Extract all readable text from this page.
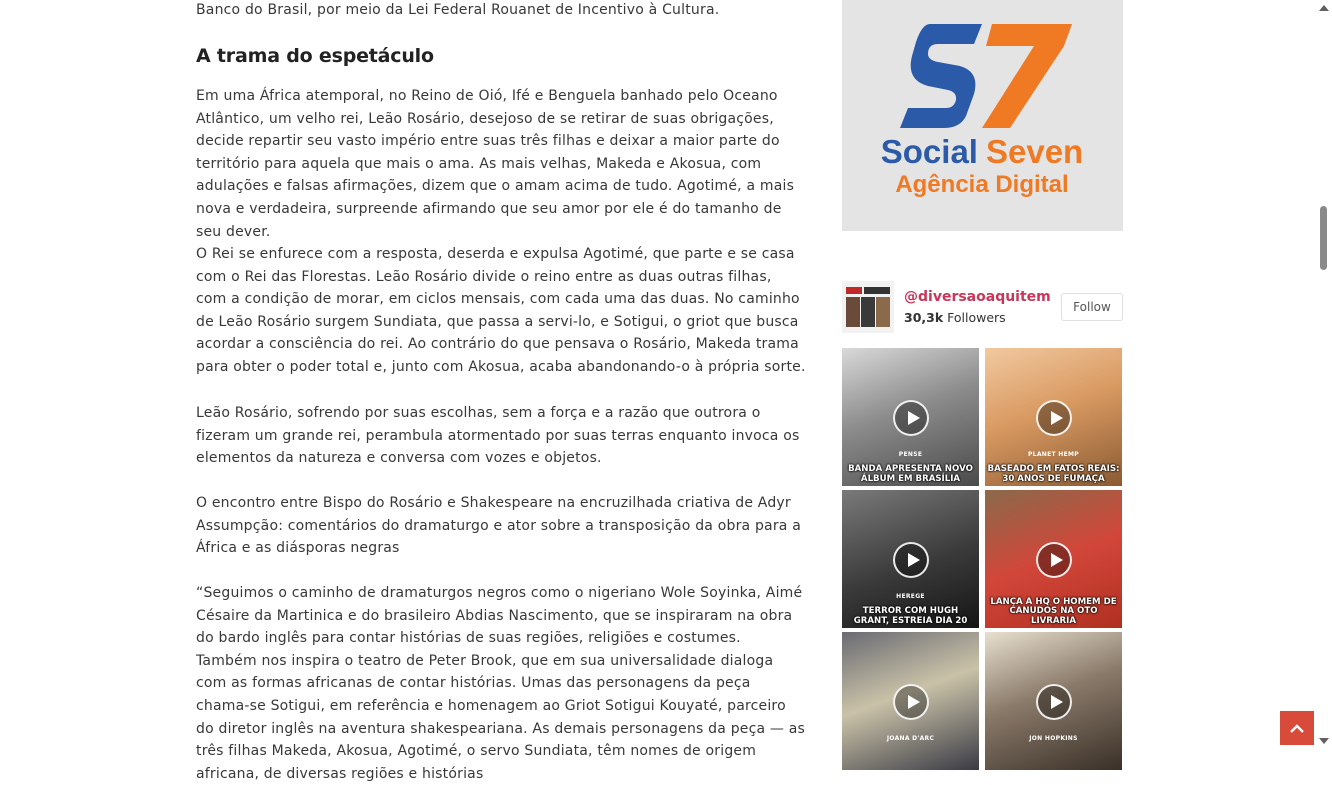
Banco do Brasil, por meio da Lei Federal Rouanet de Incentivo à Cultura.

A trama do espetáculo

Em uma África atemporal, no Reino de Oió, Ifé e Benguela banhado pelo Oceano Atlântico, um velho rei, Leão Rosário, desejoso de se retirar de suas obrigações, decide repartir seu vasto império entre suas três filhas e deixar a maior parte do território para aquela que mais o ama. As mais velhas, Makeda e Akosua, com adulações e falsas afirmações, dizem que o amam acima de tudo. Agotimé, a mais nova e verdadeira, surpreende afirmando que seu amor por ele é do tamanho de seu dever.

O Rei se enfurece com a resposta, deserda e expulsa Agotimé, que parte e se casa com o Rei das Florestas. Leão Rosário divide o reino entre as duas outras filhas, com a condição de morar, em ciclos mensais, com cada uma das duas. No caminho de Leão Rosário surgem Sundiata, que passa a servi-lo, e Sotigui, o griot que busca acordar a consciência do rei. Ao contrário do que pensava o Rosário, Makeda trama para obter o poder total e, junto com Akosua, acaba abandonando-o à própria sorte.

Leão Rosário, sofrendo por suas escolhas, sem a força e a razão que outrora o fizeram um grande rei, perambula atormentado por suas terras enquanto invoca os elementos da natureza e conversa com vozes e objetos.

O encontro entre Bispo do Rosário e Shakespeare na encruzilhada criativa de Adyr Assumpção: comentários do dramaturgo e ator sobre a transposição da obra para a África e as diásporas negras

“Seguimos o caminho de dramaturgos negros como o nigeriano Wole Soyinka, Aimé Césaire da Martinica e do brasileiro Abdias Nascimento, que se inspiraram na obra do bardo inglês para contar histórias de suas regiões, religiões e costumes. Também nos inspira o teatro de Peter Brook, que em sua universalidade dialoga com as formas africanas de contar histórias. Umas das personagens da peça chama-se Sotigui, em referência e homenagem ao Griot Sotigui Kouyaté, parceiro do diretor inglês na aventura shakespeariana. As demais personagens da peça — as três filhas Makeda, Akosua, Agotimé, o servo Sundiata, têm nomes de origem africana, de diversas regiões e histórias

Social Seven
Agência Digital
@diversaoaquitem
30,3k Followers
Follow
PENSE
BANDA APRESENTA NOVO ÁLBUM EM BRASÍLIA
PLANET HEMP
BASEADO EM FATOS REAIS: 30 ANOS DE FUMAÇA
HEREGE
TERROR COM HUGH GRANT, ESTREIA DIA 20
LANÇA A HQ O HOMEM DE CANUDOS NA OTO LIVRARIA
JOANA D'ARC	JON HOPKINS
